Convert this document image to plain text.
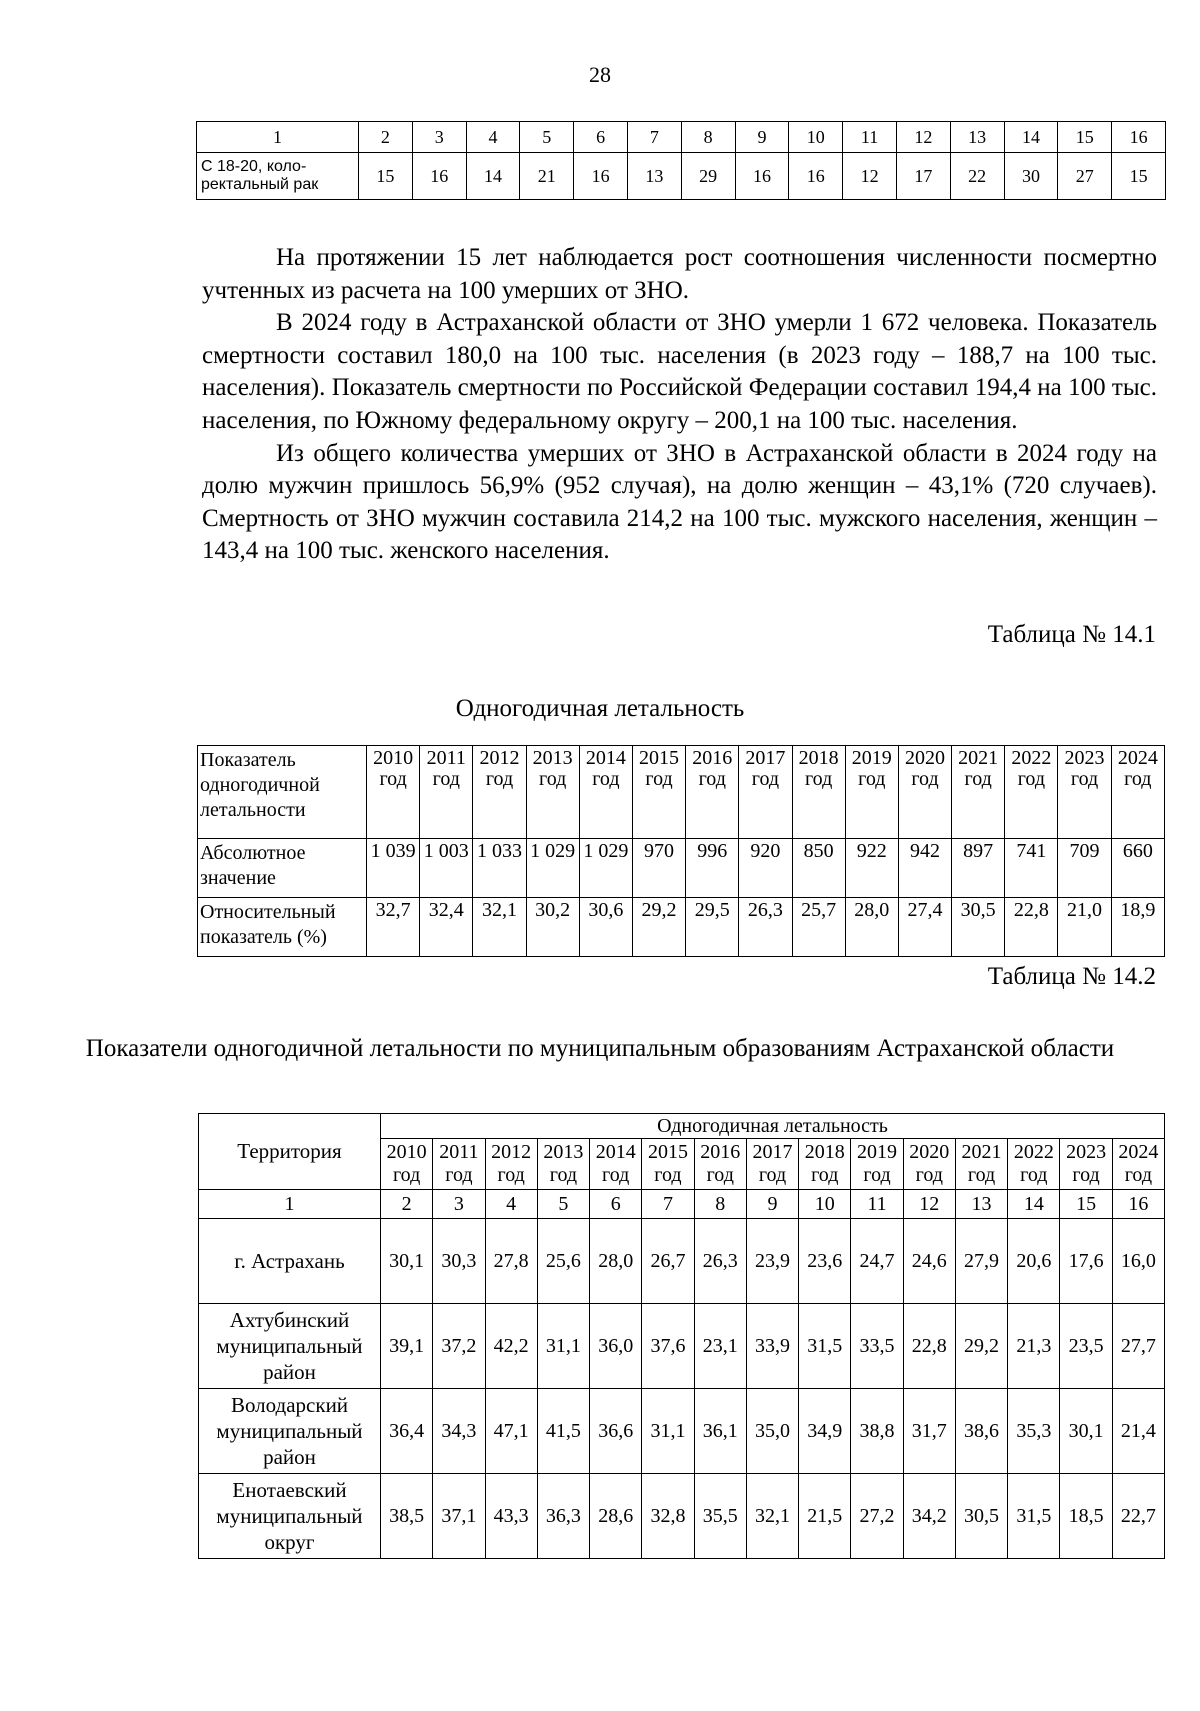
28
1	2	3	4	5	6	7	8	9	10	11	12	13	14	15	16
С 18-20, коло-ректальный рак	15	16	14	21	16	13	29	16	16	12	17	22	30	27	15

На протяжении 15 лет наблюдается рост соотношения численности посмертно учтенных из расчета на 100 умерших от ЗНО.

В 2024 году в Астраханской области от ЗНО умерли 1 672 человека. Показатель смертности составил 180,0 на 100 тыс. населения (в 2023 году – 188,7 на 100 тыс. населения). Показатель смертности по Российской Федерации составил 194,4 на 100 тыс. населения, по Южному федеральному округу – 200,1 на 100 тыс. населения.

Из общего количества умерших от ЗНО в Астраханской области в 2024 году на долю мужчин пришлось 56,9% (952 случая), на долю женщин – 43,1% (720 случаев). Смертность от ЗНО мужчин составила 214,2 на 100 тыс. мужского населения, женщин – 143,4 на 100 тыс. женского населения.

Таблица № 14.1
Одногодичная летальность
Показатель одногодичной летальности	2010 год	2011 год	2012 год	2013 год	2014 год	2015 год	2016 год	2017 год	2018 год	2019 год	2020 год	2021 год	2022 год	2023 год	2024 год
Абсолютное значение	1 039	1 003	1 033	1 029	1 029	970	996	920	850	922	942	897	741	709	660
Относительный показатель (%)	32,7	32,4	32,1	30,2	30,6	29,2	29,5	26,3	25,7	28,0	27,4	30,5	22,8	21,0	18,9
Таблица № 14.2
Показатели одногодичной летальности по муниципальным образованиям Астраханской области
Территория	Одногодичная летальность														
	2010 год	2011 год	2012 год	2013 год	2014 год	2015 год	2016 год	2017 год	2018 год	2019 год	2020 год	2021 год	2022 год	2023 год	2024 год
1	2	3	4	5	6	7	8	9	10	11	12	13	14	15	16
г. Астрахань	30,1	30,3	27,8	25,6	28,0	26,7	26,3	23,9	23,6	24,7	24,6	27,9	20,6	17,6	16,0
Ахтубинский муниципальный район	39,1	37,2	42,2	31,1	36,0	37,6	23,1	33,9	31,5	33,5	22,8	29,2	21,3	23,5	27,7
Володарский муниципальный район	36,4	34,3	47,1	41,5	36,6	31,1	36,1	35,0	34,9	38,8	31,7	38,6	35,3	30,1	21,4
Енотаевский муниципальный округ	38,5	37,1	43,3	36,3	28,6	32,8	35,5	32,1	21,5	27,2	34,2	30,5	31,5	18,5	22,7
